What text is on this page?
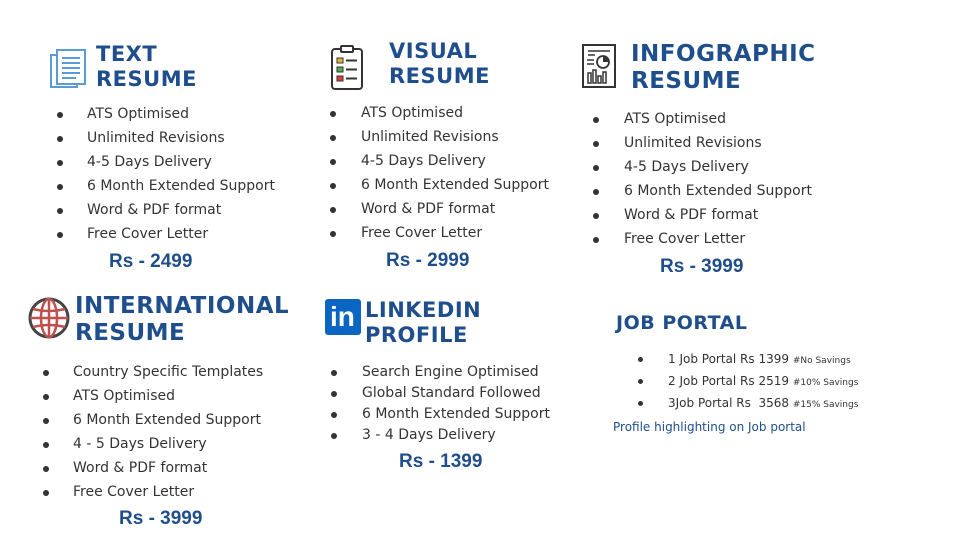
TEXT
RESUME
ATS Optimised
Unlimited Revisions
4-5 Days Delivery
6 Month Extended Support
Word & PDF format
Free Cover Letter
Rs - 2499
VISUAL
RESUME
ATS Optimised
Unlimited Revisions
4-5 Days Delivery
6 Month Extended Support
Word & PDF format
Free Cover Letter
Rs - 2999
INFOGRAPHIC
RESUME
ATS Optimised
Unlimited Revisions
4-5 Days Delivery
6 Month Extended Support
Word & PDF format
Free Cover Letter
Rs - 3999
INTERNATIONAL
RESUME
Country Specific Templates
ATS Optimised
6 Month Extended Support
4 - 5 Days Delivery
Word & PDF format
Free Cover Letter
Rs - 3999
in LINKEDIN
PROFILE
Search Engine Optimised
Global Standard Followed
6 Month Extended Support
3 - 4 Days Delivery
Rs - 1399
JOB PORTAL
1 Job Portal Rs 1399 #No Savings
2 Job Portal Rs 2519 #10% Savings
3Job Portal Rs  3568 #15% Savings
Profile highlighting on Job portal
